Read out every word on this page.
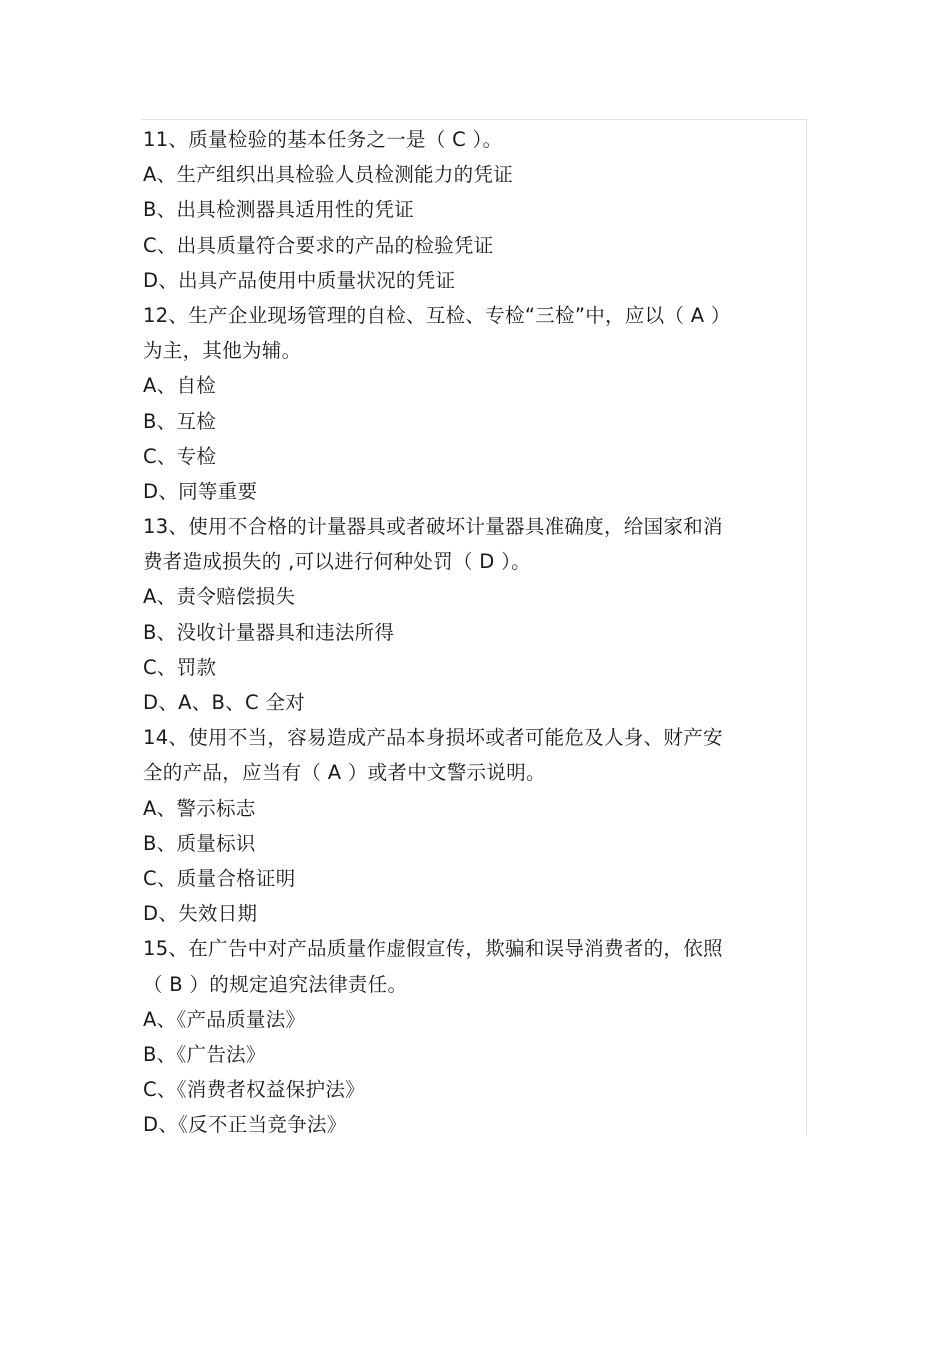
11、质量检验的基本任务之一是（ C ）。
A、生产组织出具检验人员检测能力的凭证
B、出具检测器具适用性的凭证
C、出具质量符合要求的产品的检验凭证
D、出具产品使用中质量状况的凭证
12、生产企业现场管理的自检、互检、专检“三检”中，应以（ A ）
为主，其他为辅。
A、自检
B、互检
C、专检
D、同等重要
13、使用不合格的计量器具或者破坏计量器具准确度，给国家和消
费者造成损失的 ,可以进行何种处罚（ D ）。
A、责令赔偿损失
B、没收计量器具和违法所得
C、罚款
D、A、B、C 全对
14、使用不当，容易造成产品本身损坏或者可能危及人身、财产安
全的产品，应当有（ A ）或者中文警示说明。
A、警示标志
B、质量标识
C、质量合格证明
D、失效日期
15、在广告中对产品质量作虚假宣传，欺骗和误导消费者的，依照
（ B ）的规定追究法律责任。
A、《产品质量法》
B、《广告法》
C、《消费者权益保护法》
D、《反不正当竞争法》
